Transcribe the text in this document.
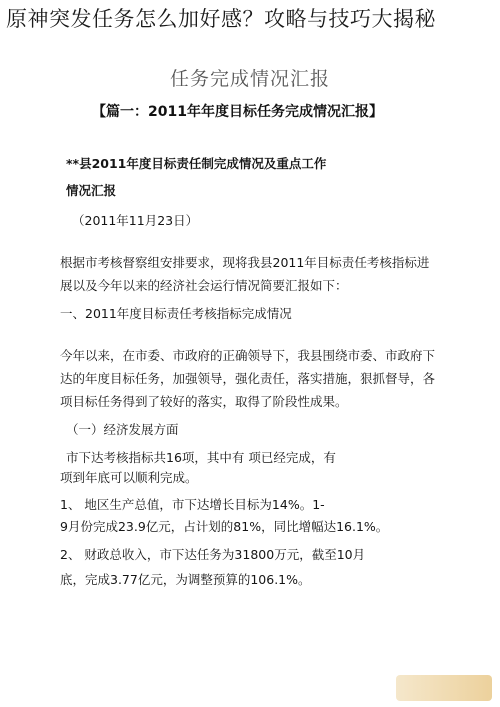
原神突发任务怎么加好感？攻略与技巧大揭秘
任务完成情况汇报
【篇一：2011年年度目标任务完成情况汇报】
**县2011年度目标责任制完成情况及重点工作
情况汇报
（2011年11月23日）
根据市考核督察组安排要求，现将我县2011年目标责任考核指标进
展以及今年以来的经济社会运行情况简要汇报如下：
一、2011年度目标责任考核指标完成情况
今年以来，在市委、市政府的正确领导下，我县围绕市委、市政府下
达的年度目标任务，加强领导，强化责任，落实措施，狠抓督导，各
项目标任务得到了较好的落实，取得了阶段性成果。
（一）经济发展方面
市下达考核指标共16项，其中有 项已经完成，有
项到年底可以顺利完成。
1、 地区生产总值，市下达增长目标为14%。1-
9月份完成23.9亿元，占计划的81%，同比增幅达16.1%。
2、 财政总收入，市下达任务为31800万元，截至10月
底，完成3.77亿元，为调整预算的106.1%。
